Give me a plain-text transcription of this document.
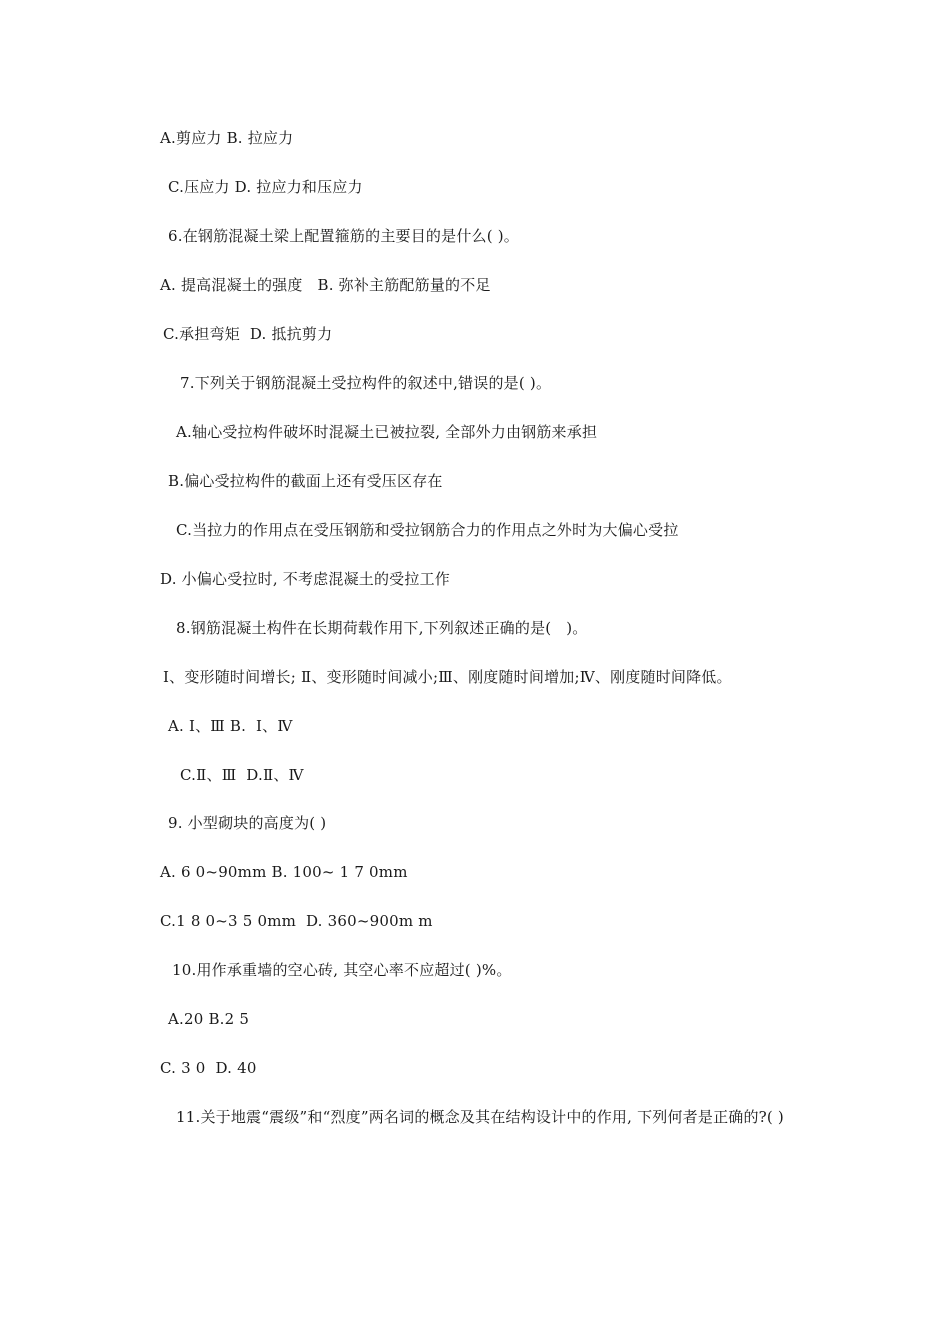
A.剪应力 B. 拉应力
C.压应力 D. 拉应力和压应力
6.在钢筋混凝土梁上配置箍筋的主要目的是什么( )。
A. 提高混凝土的强度   B. 弥补主筋配筋量的不足
C.承担弯矩  D. 抵抗剪力
7.下列关于钢筋混凝土受拉构件的叙述中,错误的是( )。
A.轴心受拉构件破坏时混凝土已被拉裂, 全部外力由钢筋来承担
B.偏心受拉构件的截面上还有受压区存在
C.当拉力的作用点在受压钢筋和受拉钢筋合力的作用点之外时为大偏心受拉
D. 小偏心受拉时, 不考虑混凝土的受拉工作
8.钢筋混凝土构件在长期荷载作用下,下列叙述正确的是(   )。
Ⅰ、变形随时间增长; Ⅱ、变形随时间减小;Ⅲ、刚度随时间增加;Ⅳ、刚度随时间降低。
A. Ⅰ、Ⅲ B.  Ⅰ、Ⅳ
C.Ⅱ、Ⅲ  D.Ⅱ、Ⅳ
9. 小型砌块的高度为( )
A. 6 0~90mm B. 100~ 1 7 0mm
C.1 8 0~3 5 0mm  D. 360~900m m
10.用作承重墙的空心砖, 其空心率不应超过( )%。
A.20 B.2 5
C. 3 0  D. 40
11.关于地震“震级”和“烈度”两名词的概念及其在结构设计中的作用, 下列何者是正确的?( )
